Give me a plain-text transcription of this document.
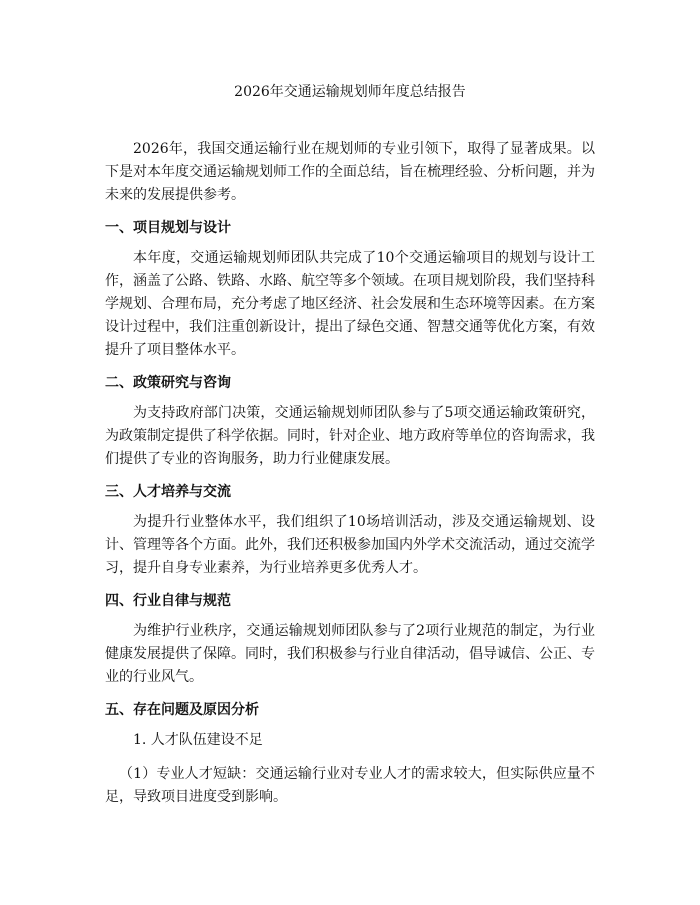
2026年交通运输规划师年度总结报告

2026年，我国交通运输行业在规划师的专业引领下，取得了显著成果。以下是对本年度交通运输规划师工作的全面总结，旨在梳理经验、分析问题，并为未来的发展提供参考。

一、项目规划与设计

本年度，交通运输规划师团队共完成了10个交通运输项目的规划与设计工作，涵盖了公路、铁路、水路、航空等多个领域。在项目规划阶段，我们坚持科学规划、合理布局，充分考虑了地区经济、社会发展和生态环境等因素。在方案设计过程中，我们注重创新设计，提出了绿色交通、智慧交通等优化方案，有效提升了项目整体水平。

二、政策研究与咨询

为支持政府部门决策，交通运输规划师团队参与了5项交通运输政策研究，为政策制定提供了科学依据。同时，针对企业、地方政府等单位的咨询需求，我们提供了专业的咨询服务，助力行业健康发展。

三、人才培养与交流

为提升行业整体水平，我们组织了10场培训活动，涉及交通运输规划、设计、管理等各个方面。此外，我们还积极参加国内外学术交流活动，通过交流学习，提升自身专业素养，为行业培养更多优秀人才。

四、行业自律与规范

为维护行业秩序，交通运输规划师团队参与了2项行业规范的制定，为行业健康发展提供了保障。同时，我们积极参与行业自律活动，倡导诚信、公正、专业的行业风气。

五、存在问题及原因分析
1. 人才队伍建设不足

（1）专业人才短缺：交通运输行业对专业人才的需求较大，但实际供应量不足，导致项目进度受到影响。
